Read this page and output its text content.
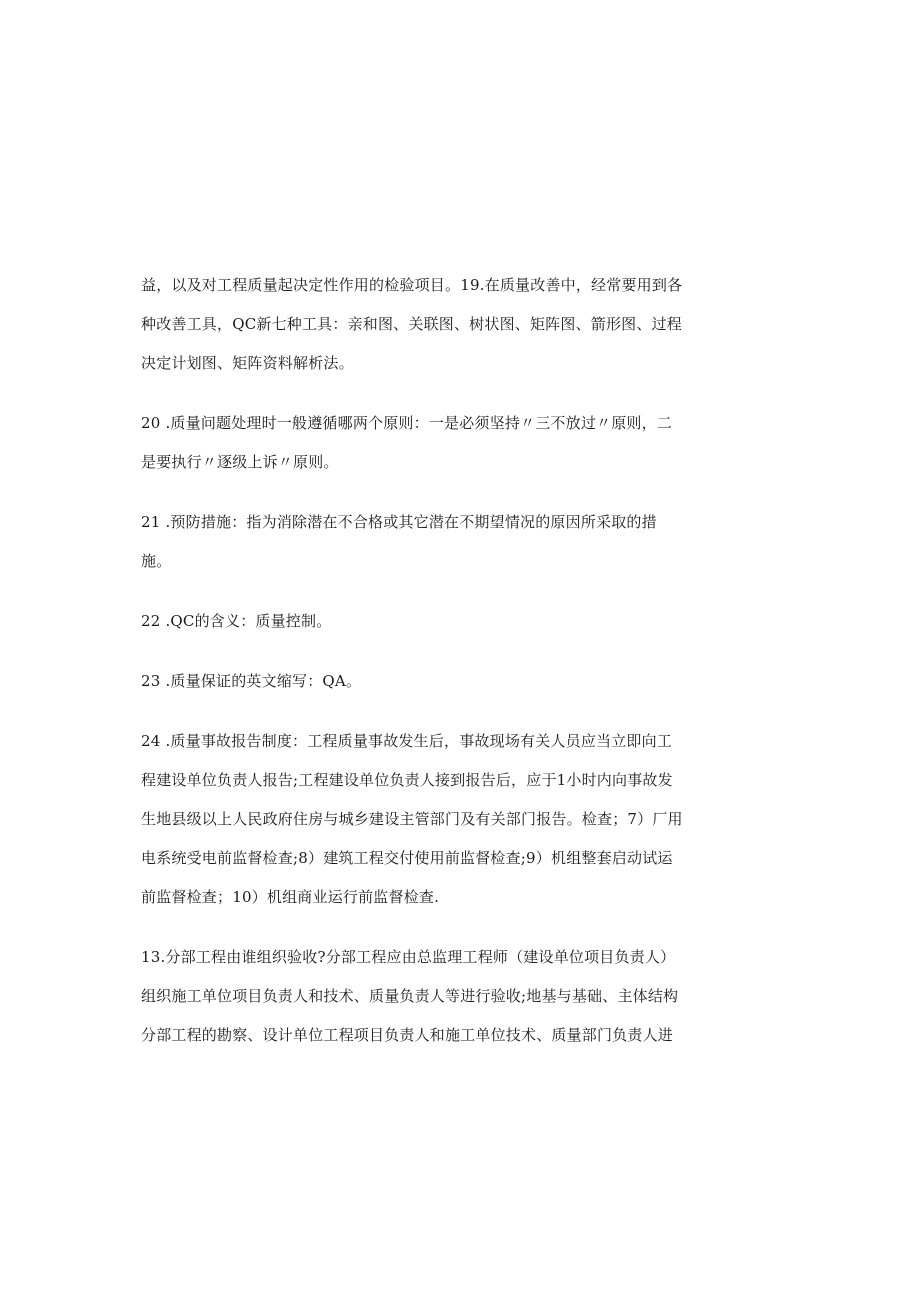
益，以及对工程质量起决定性作用的检验项目。19.在质量改善中，经常要用到各
种改善工具，QC新七种工具：亲和图、关联图、树状图、矩阵图、箭形图、过程
决定计划图、矩阵资料解析法。

20 .质量问题处理时一般遵循哪两个原则：一是必须坚持〃三不放过〃原则，二
是要执行〃逐级上诉〃原则。

21 .预防措施：指为消除潜在不合格或其它潜在不期望情况的原因所采取的措
施。

22 .QC的含义：质量控制。

23 .质量保证的英文缩写：QA。

24 .质量事故报告制度：工程质量事故发生后，事故现场有关人员应当立即向工
程建设单位负责人报告;工程建设单位负责人接到报告后，应于1小时内向事故发
生地县级以上人民政府住房与城乡建设主管部门及有关部门报告。检查；7）厂用
电系统受电前监督检查;8）建筑工程交付使用前监督检查;9）机组整套启动试运
前监督检查；10）机组商业运行前监督检查.

13.分部工程由谁组织验收?分部工程应由总监理工程师（建设单位项目负责人）
组织施工单位项目负责人和技术、质量负责人等进行验收;地基与基础、主体结构
分部工程的勘察、设计单位工程项目负责人和施工单位技术、质量部门负责人进
